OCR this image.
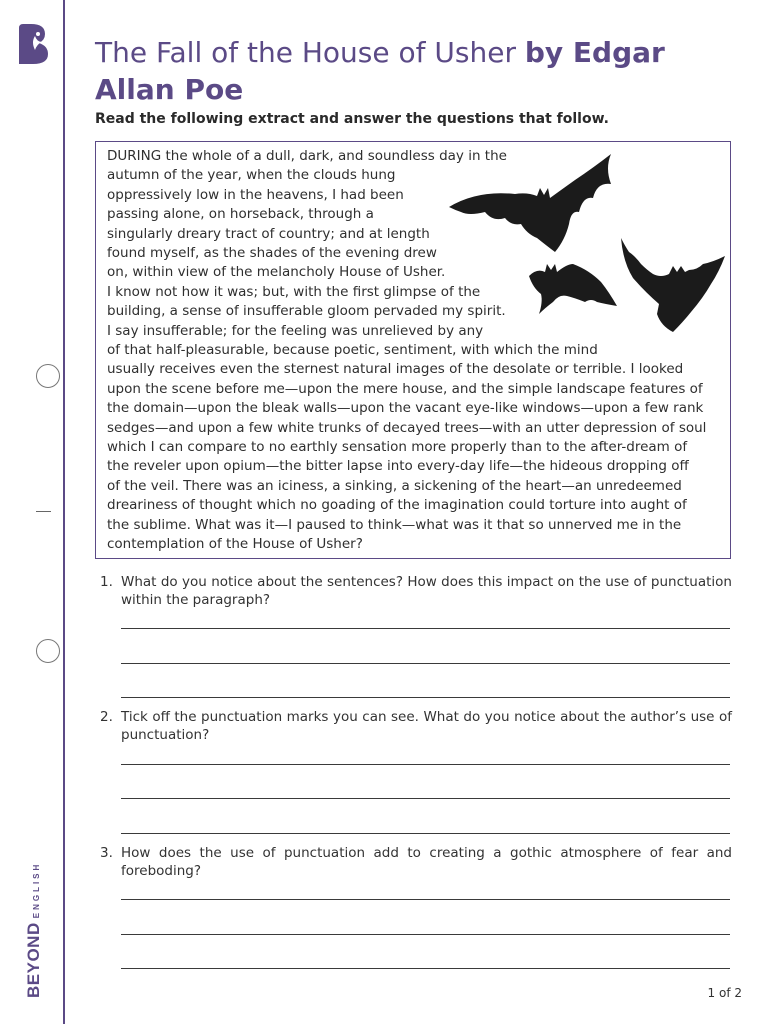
BEYONDENGLISH
The Fall of the House of Usher by Edgar Allan Poe

Read the following extract and answer the questions that follow.

DURING the whole of a dull, dark, and soundless day in the
autumn of the year, when the clouds hung
oppressively low in the heavens, I had been
passing alone, on horseback, through a
singularly dreary tract of country; and at length
found myself, as the shades of the evening drew
on, within view of the melancholy House of Usher.
I know not how it was; but, with the first glimpse of the
building, a sense of insufferable gloom pervaded my spirit.
I say insufferable; for the feeling was unrelieved by any
of that half-pleasurable, because poetic, sentiment, with which the mind
usually receives even the sternest natural images of the desolate or terrible. I looked
upon the scene before me—upon the mere house, and the simple landscape features of
the domain—upon the bleak walls—upon the vacant eye-like windows—upon a few rank
sedges—and upon a few white trunks of decayed trees—with an utter depression of soul
which I can compare to no earthly sensation more properly than to the after-dream of
the reveler upon opium—the bitter lapse into every-day life—the hideous dropping off
of the veil. There was an iciness, a sinking, a sickening of the heart—an unredeemed
dreariness of thought which no goading of the imagination could torture into aught of
the sublime. What was it—I paused to think—what was it that so unnerved me in the
contemplation of the House of Usher?
1. What do you notice about the sentences? How does this impact on the use of punctuation within the paragraph?
2. Tick off the punctuation marks you can see. What do you notice about the author’s use of punctuation?
3. How does the use of punctuation add to creating a gothic atmosphere of fear and foreboding?
1 of 2
